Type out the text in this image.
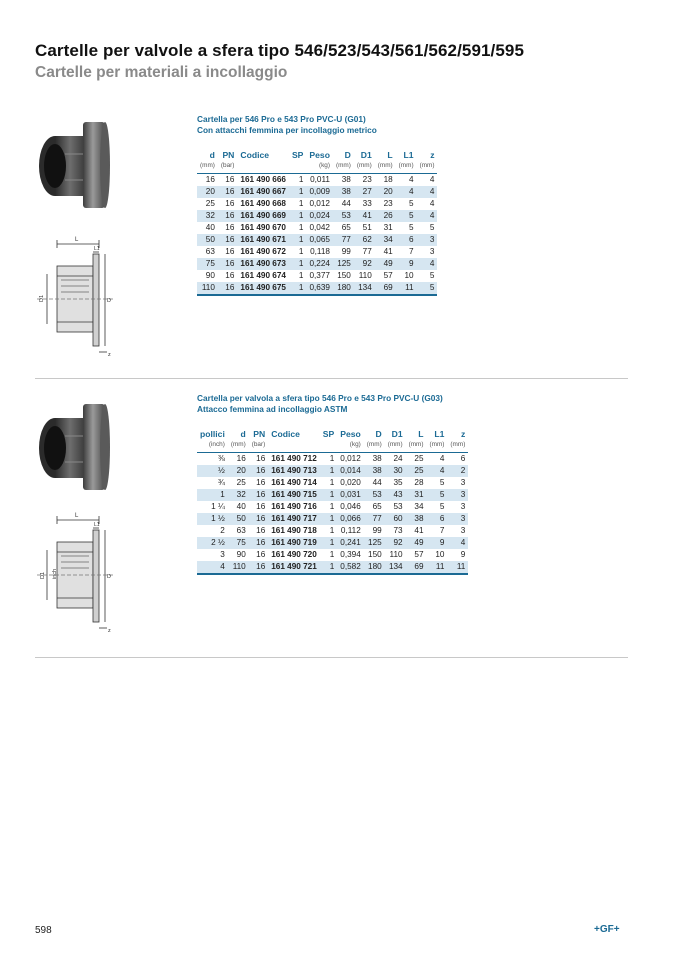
Cartelle per valvole a sfera tipo 546/523/543/561/562/591/595
Cartelle per materiali a incollaggio
L
L1
D1	D
z
Cartella per 546 Pro e 543 Pro PVC-U (G01)
Con attacchi femmina per incollaggio metrico
d	PN	Codice	SP	Peso	D	D1	L	L1	z
(mm)	(bar)			(kg)	(mm)	(mm)	(mm)	(mm)	(mm)
16	16	161 490 666	1	0,011	38	23	18	4	4
20	16	161 490 667	1	0,009	38	27	20	4	4
25	16	161 490 668	1	0,012	44	33	23	5	4
32	16	161 490 669	1	0,024	53	41	26	5	4
40	16	161 490 670	1	0,042	65	51	31	5	5
50	16	161 490 671	1	0,065	77	62	34	6	3
63	16	161 490 672	1	0,118	99	77	41	7	3
75	16	161 490 673	1	0,224	125	92	49	9	4
90	16	161 490 674	1	0,377	150	110	57	10	5
110	16	161 490 675	1	0,639	180	134	69	11	5
L
L1
D1 inch	D
z
Cartella per valvola a sfera tipo 546 Pro e 543 Pro PVC-U (G03)
Attacco femmina ad incollaggio ASTM
pollici	d	PN	Codice	SP	Peso	D	D1	L	L1	z
(inch)	(mm)	(bar)			(kg)	(mm)	(mm)	(mm)	(mm)	(mm)
⅜	16	16	161 490 712	1	0,012	38	24	25	4	6
½	20	16	161 490 713	1	0,014	38	30	25	4	2
¾	25	16	161 490 714	1	0,020	44	35	28	5	3
1	32	16	161 490 715	1	0,031	53	43	31	5	3
1 ¼	40	16	161 490 716	1	0,046	65	53	34	5	3
1 ½	50	16	161 490 717	1	0,066	77	60	38	6	3
2	63	16	161 490 718	1	0,112	99	73	41	7	3
2 ½	75	16	161 490 719	1	0,241	125	92	49	9	4
3	90	16	161 490 720	1	0,394	150	110	57	10	9
4	110	16	161 490 721	1	0,582	180	134	69	11	11
598	+GF+
